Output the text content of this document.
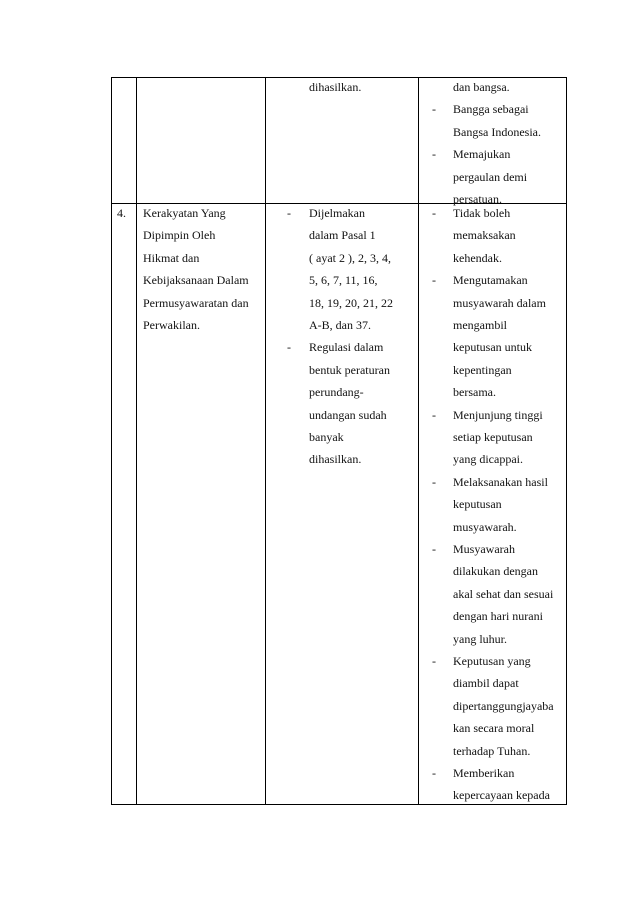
dihasilkan.	dan bangsa.
- Bangga sebagai
Bangsa Indonesia.
- Memajukan
pergaulan demi
persatuan.
4. Kerakyatan Yang
Dipimpin Oleh
Hikmat dan
Kebijaksanaan Dalam
Permusyawaratan dan
Perwakilan.
- Dijelmakan
dalam Pasal 1
( ayat 2 ), 2, 3, 4,
5, 6, 7, 11, 16,
18, 19, 20, 21, 22
A-B, dan 37.
- Regulasi dalam
bentuk peraturan
perundang-
undangan sudah
banyak
dihasilkan.
- Tidak boleh
memaksakan
kehendak.
- Mengutamakan
musyawarah dalam
mengambil
keputusan untuk
kepentingan
bersama.
- Menjunjung tinggi
setiap keputusan
yang dicappai.
- Melaksanakan hasil
keputusan
musyawarah.
- Musyawarah
dilakukan dengan
akal sehat dan sesuai
dengan hari nurani
yang luhur.
- Keputusan yang
diambil dapat
dipertanggungjayaba
kan secara moral
terhadap Tuhan.
- Memberikan
kepercayaan kepada
